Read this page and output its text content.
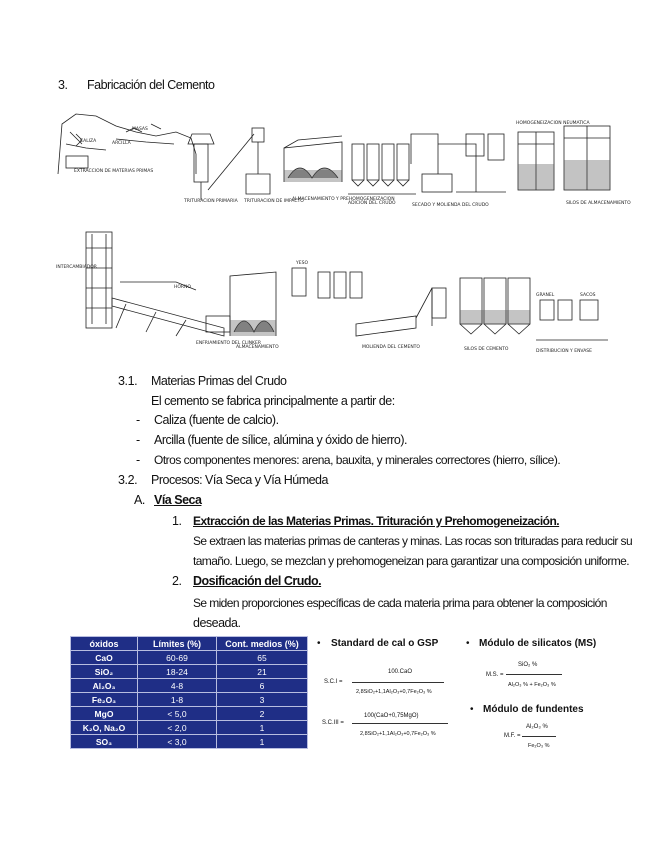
3. Fabricación del Cemento
MASAS
CALIZA	ARCILLA
EXTRACCION DE MATERIAS PRIMAS
TRITURACION PRIMARIA TRITURACION DE IMPACTO
ALMACENAMIENTO Y PREHOMOGENEIZACION
ADICION DEL CRUDO	SECADO Y MOLIENDA DEL CRUDO
HOMOGENEIZACION NEUMATICA
SILOS DE ALMACENAMIENTO
INTERCAMBIADOR
HORNO
ENFRIAMIENTO DEL CLINKER
ALMACENAMIENTO
YESO
MOLIENDA DEL CEMENTO	SILOS DE CEMENTO	DISTRIBUCION Y ENVASE
GRANEL	SACOS
3.1. Materias Primas del Crudo
El cemento se fabrica principalmente a partir de:
- Caliza (fuente de calcio).
- Arcilla (fuente de sílice, alúmina y óxido de hierro).
- Otros componentes menores: arena, bauxita, y minerales correctores (hierro, sílice).
3.2. Procesos: Vía Seca y Vía Húmeda
A. Vía Seca
1. Extracción de las Materias Primas. Trituración y Prehomogeneización.
Se extraen las materias primas de canteras y minas. Las rocas son trituradas para reducir su
tamaño. Luego, se mezclan y prehomogeneizan para garantizar una composición uniforme.
2. Dosificación del Crudo.
Se miden proporciones específicas de cada materia prima para obtener la composición
deseada.
óxidos	Límites (%)	Cont. medios (%)
CaO	60-69	65
SiO₂	18-24	21
Al₂O₃	4-8	6
Fe₂O₃	1-8	3
MgO	< 5,0	2
K₂O, Na₂O	< 2,0	1
SO₃	< 3,0	1
• Standard de cal o GSP
S.C.I =
100.CaO
2,8SiO₂+1,1Al₂O₃+0,7Fe₂O₃ %
S.C.III =
100(CaO+0,75MgO)
2,8SiO₂+1,1Al₂O₃+0,7Fe₂O₃ %
• Módulo de silicatos (MS)
M.S. =
SiO₂ %
Al₂O₃ % + Fe₂O₃ %
• Módulo de fundentes
M.F. =
Al₂O₃ %
Fe₂O₃ %
